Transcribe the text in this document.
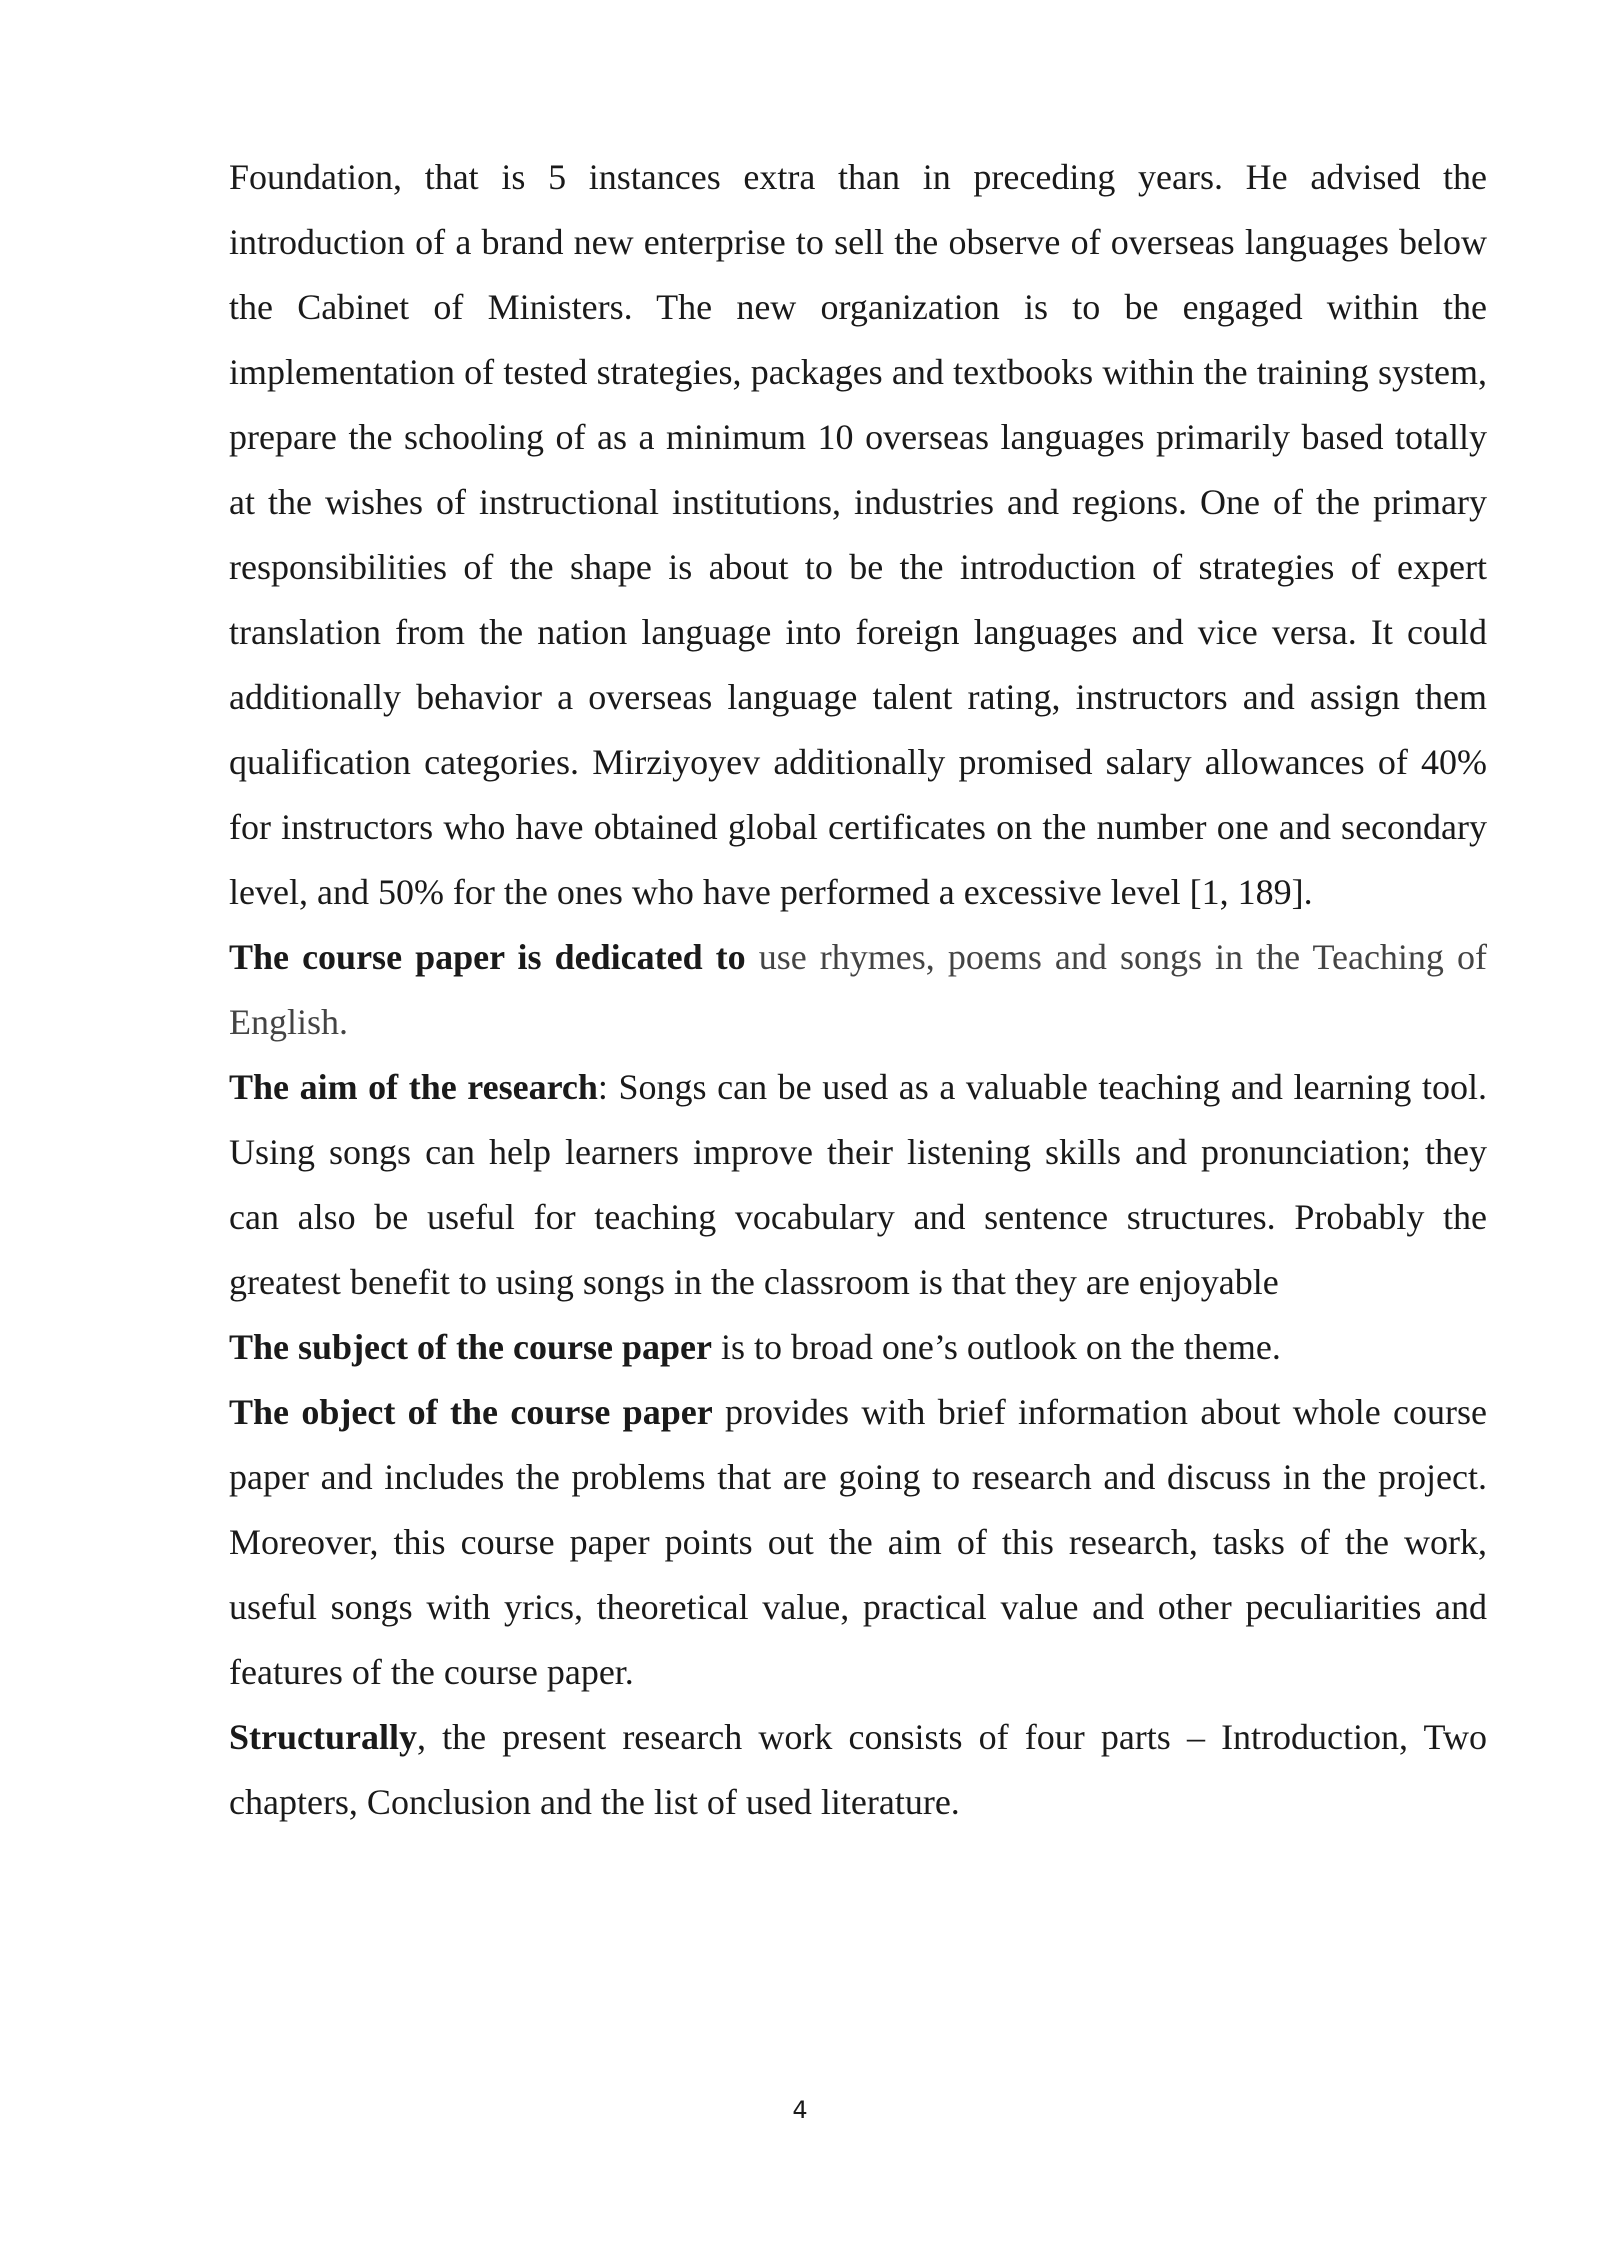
Foundation, that is 5 instances extra than in preceding years. He advised the introduction of a brand new enterprise to sell the observe of overseas languages below the Cabinet of Ministers. The new organization is to be engaged within the implementation of tested strategies, packages and textbooks within the training system, prepare the schooling of as a minimum 10 overseas languages primarily based totally at the wishes of instructional institutions, industries and regions. One of the primary responsibilities of the shape is about to be the introduction of strategies of expert translation from the nation language into foreign languages and vice versa. It could additionally behavior a overseas language talent rating, instructors and assign them qualification categories. Mirziyoyev additionally promised salary allowances of 40% for instructors who have obtained global certificates on the number one and secondary level, and 50% for the ones who have performed a excessive level [1, 189].

The course paper is dedicated to use rhymes, poems and songs in the Teaching of English.

The aim of the research: Songs can be used as a valuable teaching and learning tool. Using songs can help learners improve their listening skills and pronunciation; they can also be useful for teaching vocabulary and sentence structures. Probably the greatest benefit to using songs in the classroom is that they are enjoyable

The subject of the course paper is to broad one’s outlook on the theme.

The object of the course paper provides with brief information about whole course paper and includes the problems that are going to research and discuss in the project. Moreover, this course paper points out the aim of this research, tasks of the work, useful songs with yrics, theoretical value, practical value and other peculiarities and features of the course paper.

Structurally, the present research work consists of four parts – Introduction, Two chapters, Conclusion and the list of used literature.

4
